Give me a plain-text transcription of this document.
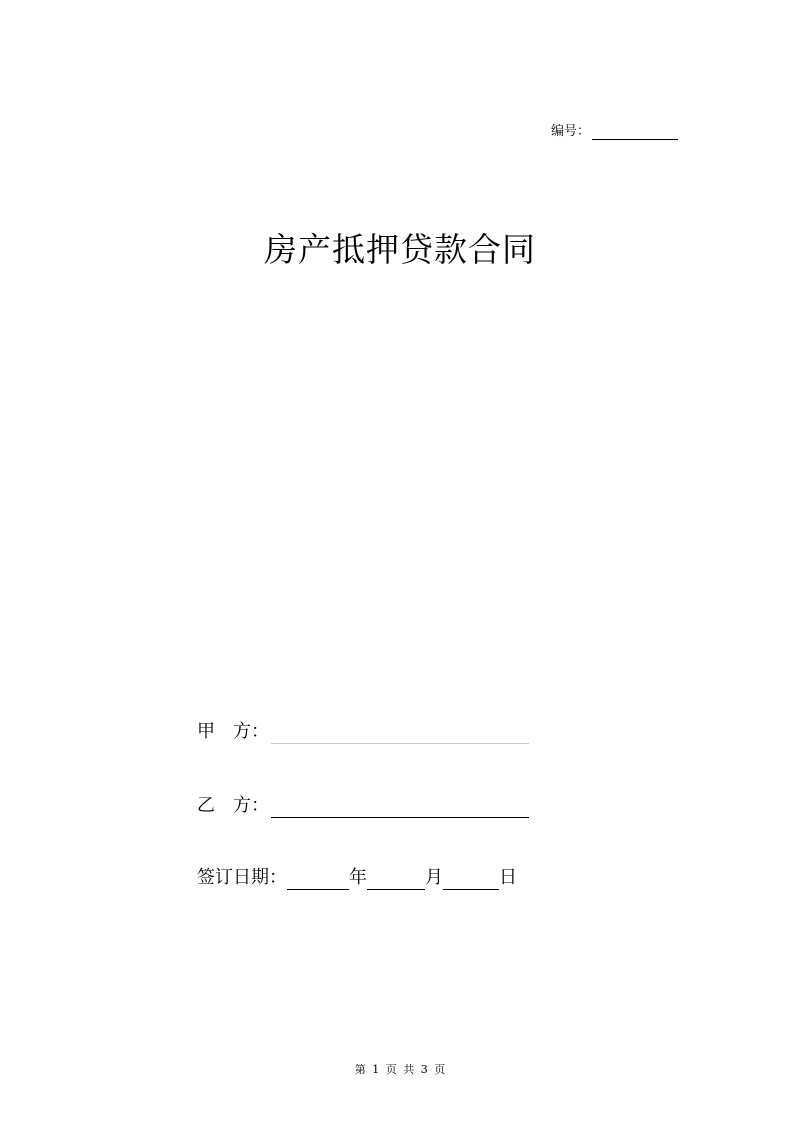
编号：
房产抵押贷款合同
甲　方：
乙　方：
签订日期：	年	月	日
第 1 页 共 3 页
